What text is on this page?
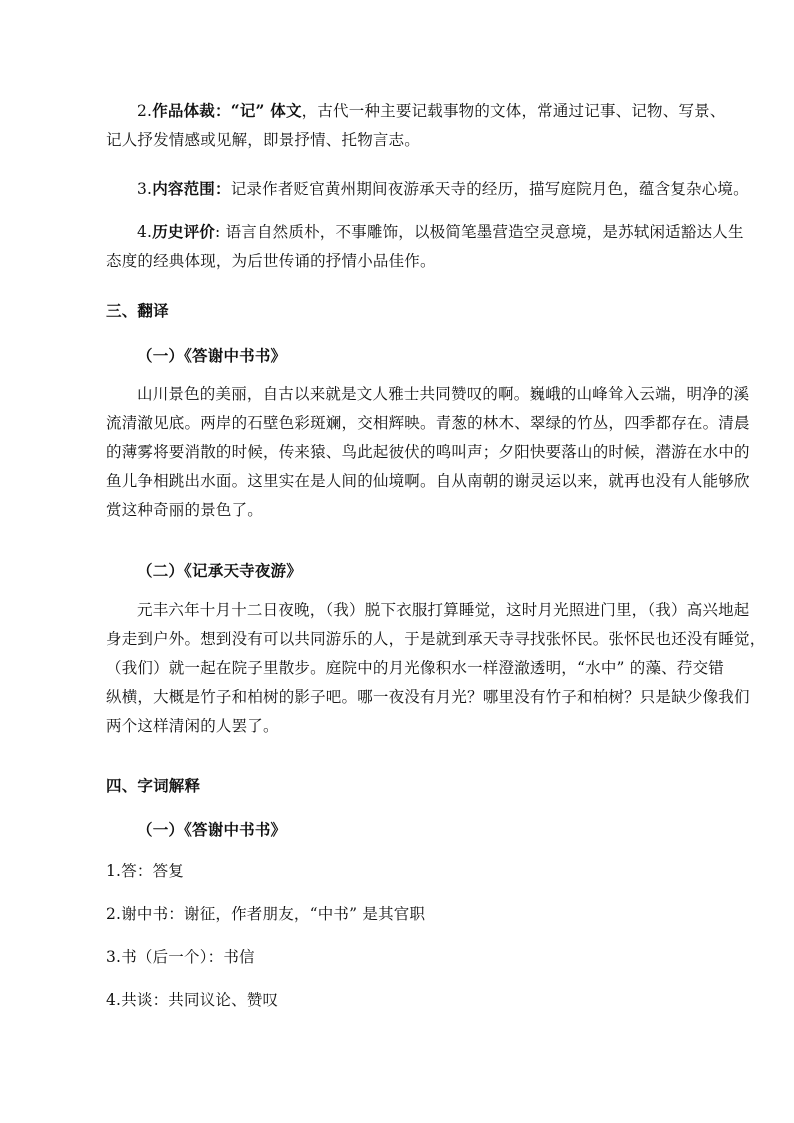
2.作品体裁：“记” 体文，古代一种主要记载事物的文体，常通过记事、记物、写景、
记人抒发情感或见解，即景抒情、托物言志。
3.内容范围：记录作者贬官黄州期间夜游承天寺的经历，描写庭院月色，蕴含复杂心境。
4.历史评价: 语言自然质朴，不事雕饰，以极简笔墨营造空灵意境，是苏轼闲适豁达人生
态度的经典体现，为后世传诵的抒情小品佳作。
三、翻译
（一）《答谢中书书》
山川景色的美丽，自古以来就是文人雅士共同赞叹的啊。巍峨的山峰耸入云端，明净的溪
流清澈见底。两岸的石壁色彩斑斓，交相辉映。青葱的林木、翠绿的竹丛，四季都存在。清晨
的薄雾将要消散的时候，传来猿、鸟此起彼伏的鸣叫声；夕阳快要落山的时候，潜游在水中的
鱼儿争相跳出水面。这里实在是人间的仙境啊。自从南朝的谢灵运以来，就再也没有人能够欣
赏这种奇丽的景色了。
（二）《记承天寺夜游》
元丰六年十月十二日夜晚，（我）脱下衣服打算睡觉，这时月光照进门里，（我）高兴地起
身走到户外。想到没有可以共同游乐的人，于是就到承天寺寻找张怀民。张怀民也还没有睡觉，
（我们）就一起在院子里散步。庭院中的月光像积水一样澄澈透明，“水中” 的藻、荇交错
纵横，大概是竹子和柏树的影子吧。哪一夜没有月光？哪里没有竹子和柏树？只是缺少像我们
两个这样清闲的人罢了。
四、字词解释
（一）《答谢中书书》
1.答：答复
2.谢中书：谢征，作者朋友，“中书” 是其官职
3.书（后一个）：书信
4.共谈：共同议论、赞叹
